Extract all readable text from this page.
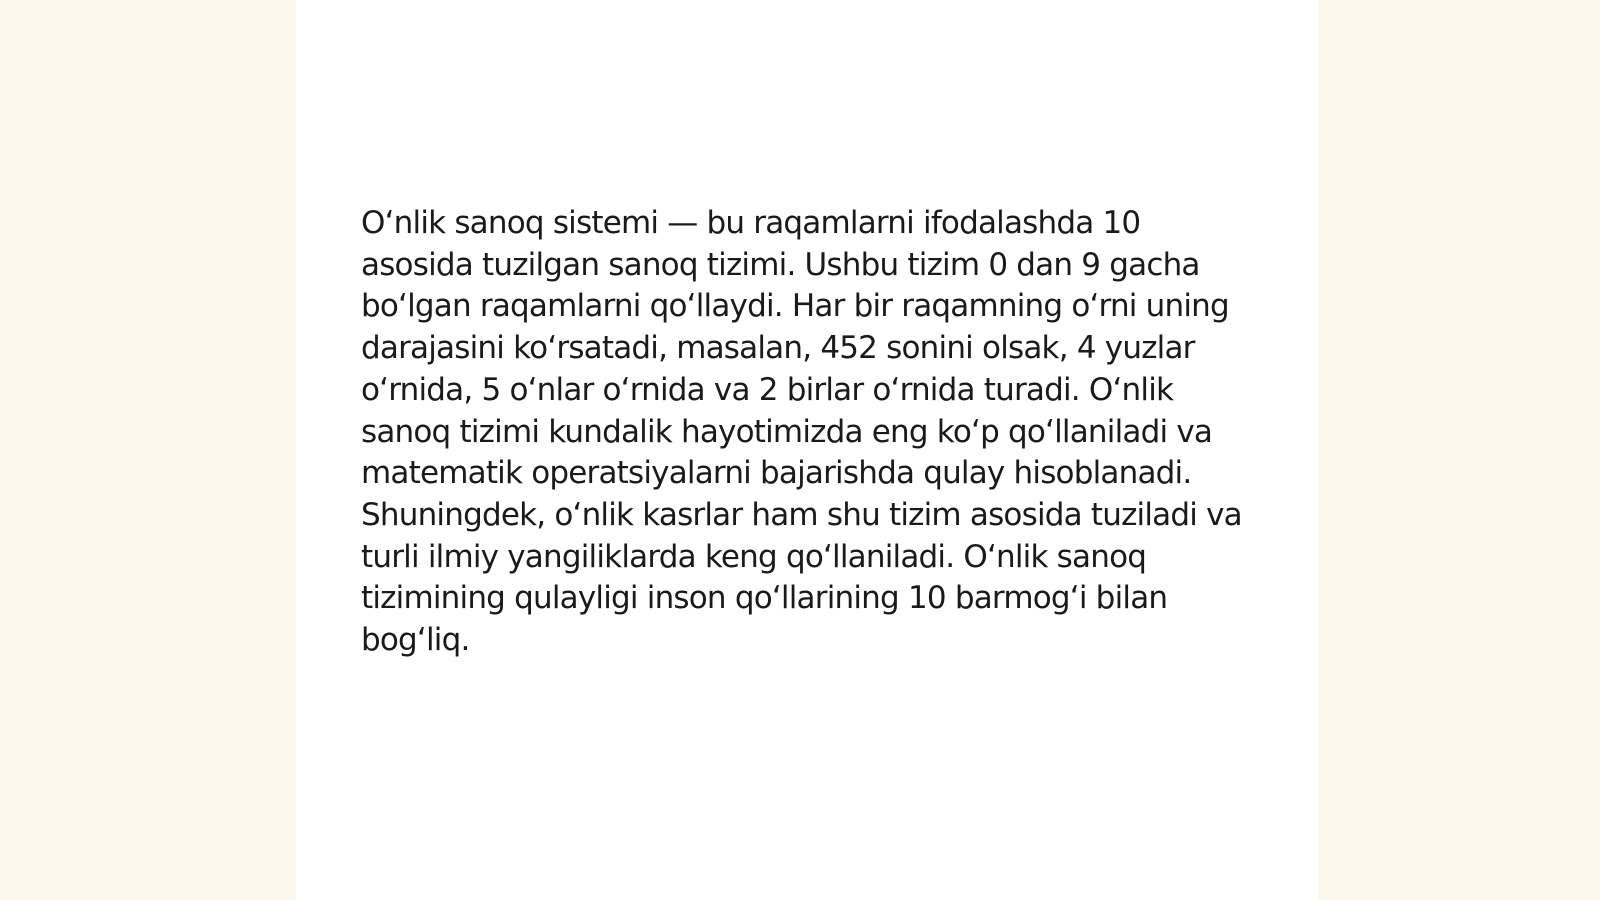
O‘nlik sanoq sistemi — bu raqamlarni ifodalashda 10 asosida tuzilgan sanoq tizimi. Ushbu tizim 0 dan 9 gacha bo‘lgan raqamlarni qo‘llaydi. Har bir raqamning o‘rni uning darajasini ko‘rsatadi, masalan, 452 sonini olsak, 4 yuzlar o‘rnida, 5 o‘nlar o‘rnida va 2 birlar o‘rnida turadi. O‘nlik sanoq tizimi kundalik hayotimizda eng ko‘p qo‘llaniladi va matematik operatsiyalarni bajarishda qulay hisoblanadi. Shuningdek, o‘nlik kasrlar ham shu tizim asosida tuziladi va turli ilmiy yangiliklarda keng qo‘llaniladi. O‘nlik sanoq tizimining qulayligi inson qo‘llarining 10 barmog‘i bilan bog‘liq.
